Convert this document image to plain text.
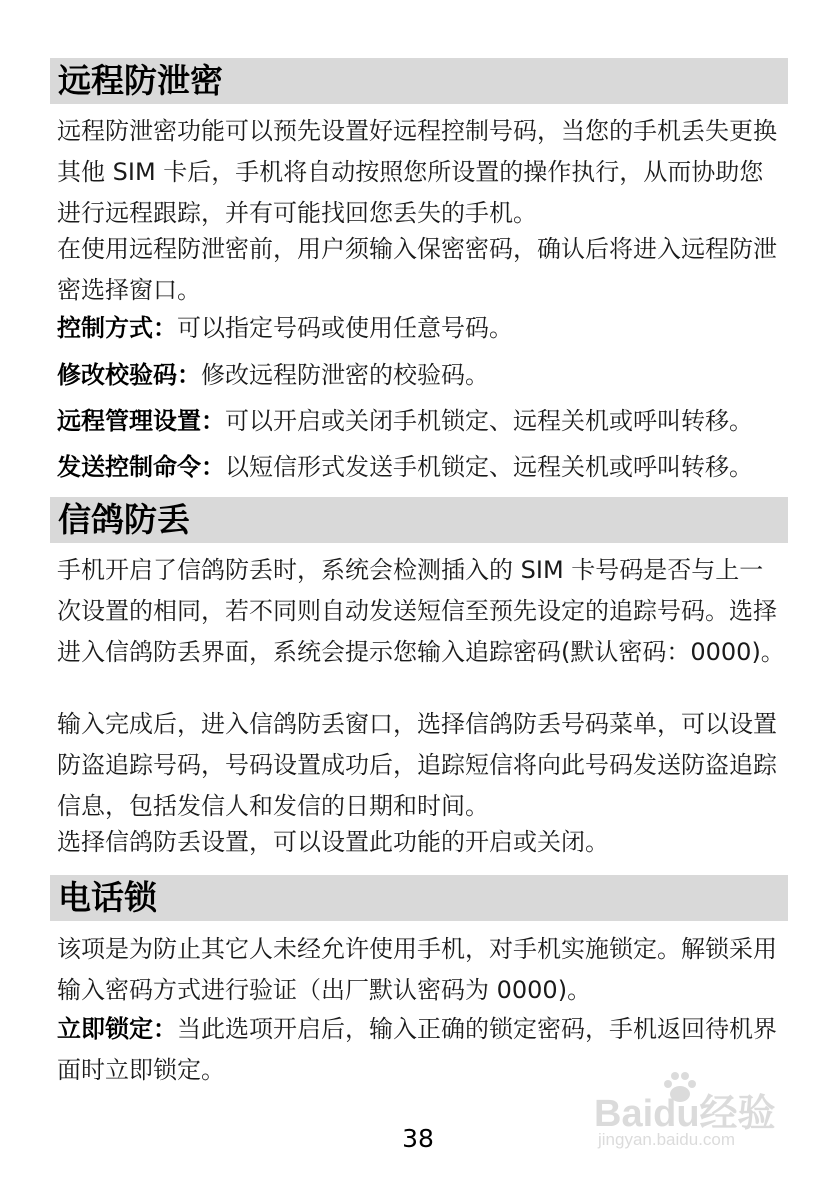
远程防泄密

远程防泄密功能可以预先设置好远程控制号码，当您的手机丢失更换其他 SIM 卡后，手机将自动按照您所设置的操作执行，从而协助您进行远程跟踪，并有可能找回您丢失的手机。

在使用远程防泄密前，用户须输入保密密码，确认后将进入远程防泄密选择窗口。

控制方式：可以指定号码或使用任意号码。

修改校验码：修改远程防泄密的校验码。

远程管理设置：可以开启或关闭手机锁定、远程关机或呼叫转移。

发送控制命令：以短信形式发送手机锁定、远程关机或呼叫转移。

信鸽防丢

手机开启了信鸽防丢时，系统会检测插入的 SIM 卡号码是否与上一次设置的相同，若不同则自动发送短信至预先设定的追踪号码。选择进入信鸽防丢界面，系统会提示您输入追踪密码(默认密码：0000)。

输入完成后，进入信鸽防丢窗口，选择信鸽防丢号码菜单，可以设置防盗追踪号码，号码设置成功后，追踪短信将向此号码发送防盗追踪信息，包括发信人和发信的日期和时间。

选择信鸽防丢设置，可以设置此功能的开启或关闭。

电话锁

该项是为防止其它人未经允许使用手机，对手机实施锁定。解锁采用输入密码方式进行验证（出厂默认密码为 0000)。

立即锁定：当此选项开启后，输入正确的锁定密码，手机返回待机界面时立即锁定。

Baidu经验
jingyan.baidu.com
38
